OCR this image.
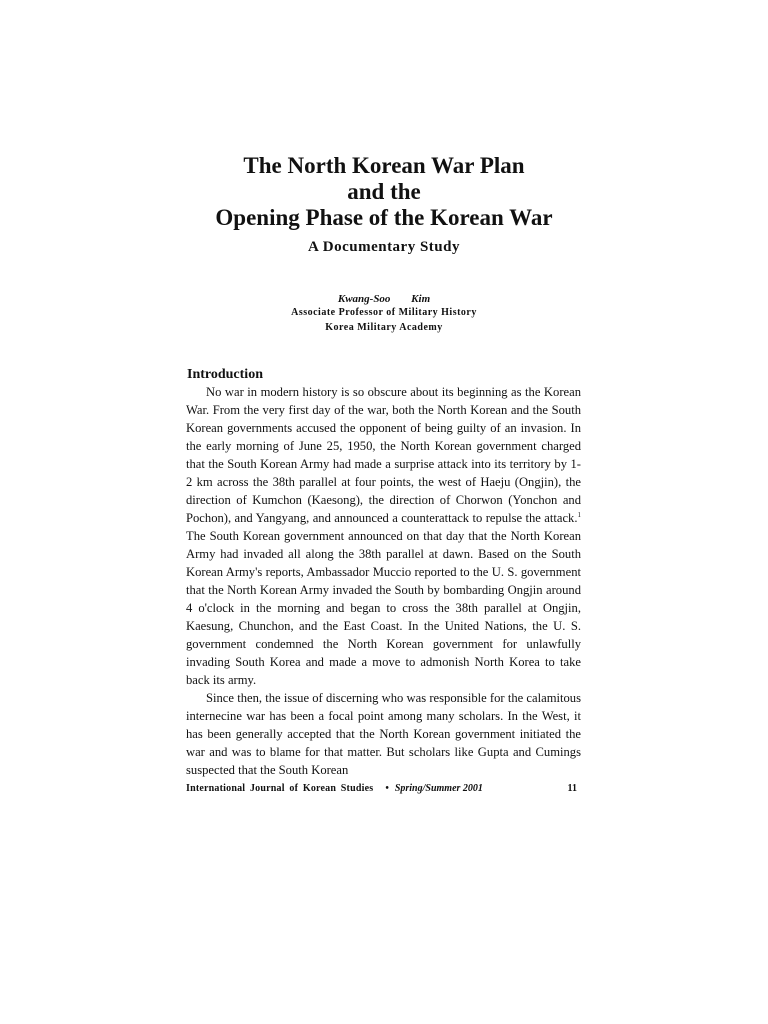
The North Korean War Plan
and the
Opening Phase of the Korean War
A Documentary Study
Kwang-Soo Kim
Associate Professor of Military History
Korea Military Academy
Introduction

No war in modern history is so obscure about its beginning as the Korean War. From the very first day of the war, both the North Korean and the South Korean governments accused the opponent of being guilty of an invasion. In the early morning of June 25, 1950, the North Korean government charged that the South Korean Army had made a surprise attack into its territory by 1-2 km across the 38th parallel at four points, the west of Haeju (Ongjin), the direction of Kumchon (Kaesong), the direction of Chorwon (Yonchon and Pochon), and Yangyang, and announced a counterattack to repulse the attack.$^1$ The South Korean government announced on that day that the North Korean Army had invaded all along the 38th parallel at dawn. Based on the South Korean Army's reports, Ambassador Muccio reported to the U. S. government that the North Korean Army invaded the South by bombarding Ongjin around 4 o'clock in the morning and began to cross the 38th parallel at Ongjin, Kaesung, Chunchon, and the East Coast. In the United Nations, the U. S. government condemned the North Korean government for unlawfully invading South Korea and made a move to admonish North Korea to take back its army.

Since then, the issue of discerning who was responsible for the calamitous internecine war has been a focal point among many scholars. In the West, it has been generally accepted that the North Korean government initiated the war and was to blame for that matter. But scholars like Gupta and Cumings suspected that the South Korean

International Journal of Korean Studies • Spring/Summer 2001	11
